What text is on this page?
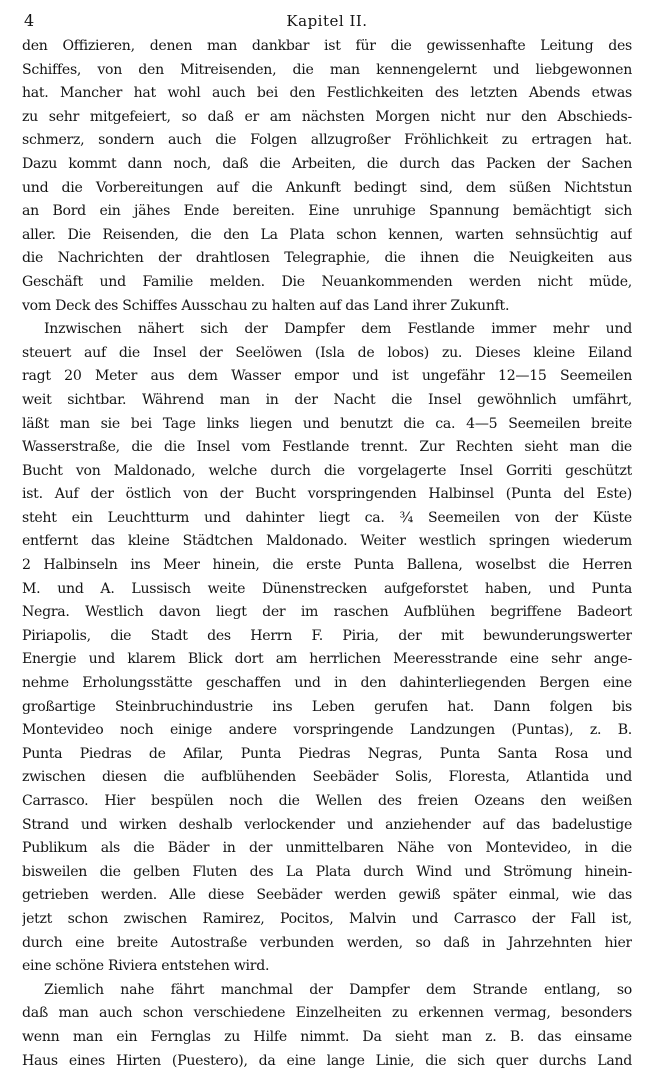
4	Kapitel II.
den Offizieren, denen man dankbar ist für die gewissenhafte Leitung des
Schiffes, von den Mitreisenden, die man kennengelernt und liebgewonnen
hat. Mancher hat wohl auch bei den Festlichkeiten des letzten Abends etwas
zu sehr mitgefeiert, so daß er am nächsten Morgen nicht nur den Abschieds-
schmerz, sondern auch die Folgen allzugroßer Fröhlichkeit zu ertragen hat.
Dazu kommt dann noch, daß die Arbeiten, die durch das Packen der Sachen
und die Vorbereitungen auf die Ankunft bedingt sind, dem süßen Nichtstun
an Bord ein jähes Ende bereiten. Eine unruhige Spannung bemächtigt sich
aller. Die Reisenden, die den La Plata schon kennen, warten sehnsüchtig auf
die Nachrichten der drahtlosen Telegraphie, die ihnen die Neuigkeiten aus
Geschäft und Familie melden. Die Neuankommenden werden nicht müde,
vom Deck des Schiffes Ausschau zu halten auf das Land ihrer Zukunft.
Inzwischen nähert sich der Dampfer dem Festlande immer mehr und
steuert auf die Insel der Seelöwen (Isla de lobos) zu. Dieses kleine Eiland
ragt 20 Meter aus dem Wasser empor und ist ungefähr 12—15 Seemeilen
weit sichtbar. Während man in der Nacht die Insel gewöhnlich umfährt,
läßt man sie bei Tage links liegen und benutzt die ca. 4—5 Seemeilen breite
Wasserstraße, die die Insel vom Festlande trennt. Zur Rechten sieht man die
Bucht von Maldonado, welche durch die vorgelagerte Insel Gorriti geschützt
ist. Auf der östlich von der Bucht vorspringenden Halbinsel (Punta del Este)
steht ein Leuchtturm und dahinter liegt ca. ¾ Seemeilen von der Küste
entfernt das kleine Städtchen Maldonado. Weiter westlich springen wiederum
2 Halbinseln ins Meer hinein, die erste Punta Ballena, woselbst die Herren
M. und A. Lussisch weite Dünenstrecken aufgeforstet haben, und Punta
Negra. Westlich davon liegt der im raschen Aufblühen begriffene Badeort
Piriapolis, die Stadt des Herrn F. Piria, der mit bewunderungswerter
Energie und klarem Blick dort am herrlichen Meeresstrande eine sehr ange-
nehme Erholungsstätte geschaffen und in den dahinterliegenden Bergen eine
großartige Steinbruchindustrie ins Leben gerufen hat. Dann folgen bis
Montevideo noch einige andere vorspringende Landzungen (Puntas), z. B.
Punta Piedras de Afilar, Punta Piedras Negras, Punta Santa Rosa und
zwischen diesen die aufblühenden Seebäder Solis, Floresta, Atlantida und
Carrasco. Hier bespülen noch die Wellen des freien Ozeans den weißen
Strand und wirken deshalb verlockender und anziehender auf das badelustige
Publikum als die Bäder in der unmittelbaren Nähe von Montevideo, in die
bisweilen die gelben Fluten des La Plata durch Wind und Strömung hinein-
getrieben werden. Alle diese Seebäder werden gewiß später einmal, wie das
jetzt schon zwischen Ramirez, Pocitos, Malvin und Carrasco der Fall ist,
durch eine breite Autostraße verbunden werden, so daß in Jahrzehnten hier
eine schöne Riviera entstehen wird.
Ziemlich nahe fährt manchmal der Dampfer dem Strande entlang, so
daß man auch schon verschiedene Einzelheiten zu erkennen vermag, besonders
wenn man ein Fernglas zu Hilfe nimmt. Da sieht man z. B. das einsame
Haus eines Hirten (Puestero), da eine lange Linie, die sich quer durchs Land
